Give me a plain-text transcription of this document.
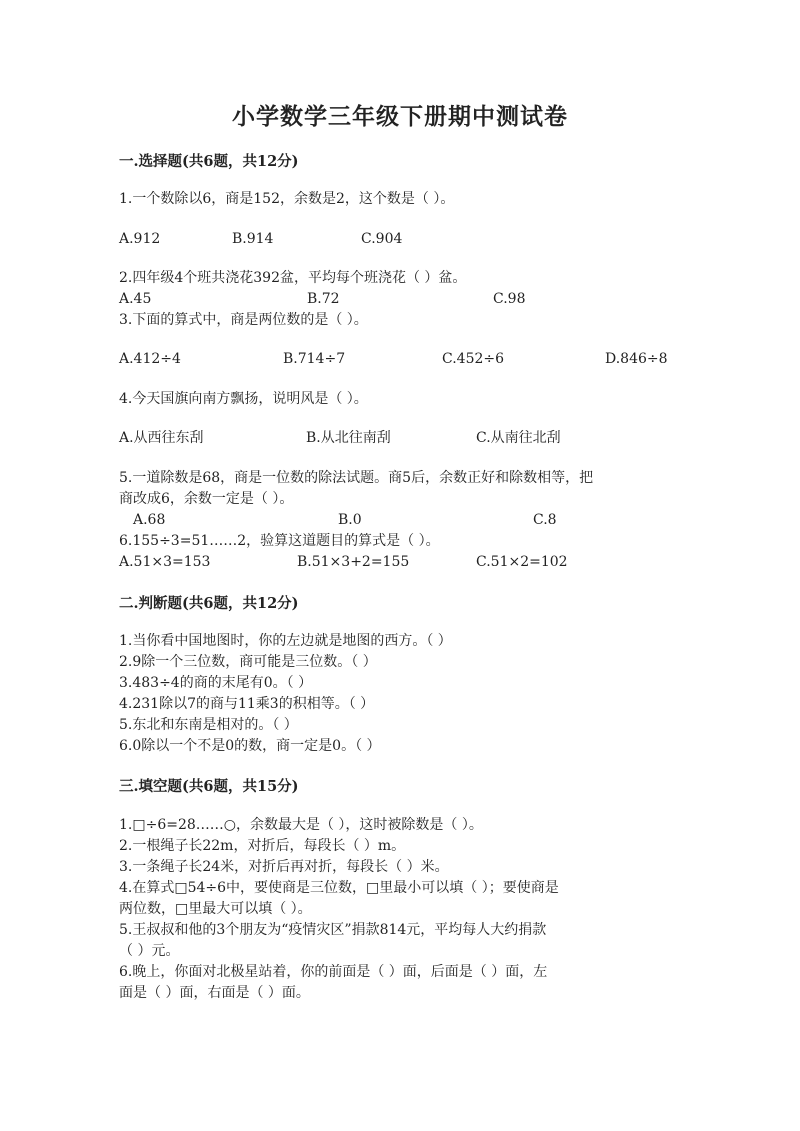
小学数学三年级下册期中测试卷
一.选择题(共6题，共12分)
1.一个数除以6，商是152，余数是2，这个数是（ ）。
A.912	B.914	C.904
2.四年级4个班共浇花392盆，平均每个班浇花（ ）盆。
A.45	B.72	C.98
3.下面的算式中，商是两位数的是（ ）。
A.412÷4	B.714÷7	C.452÷6	D.846÷8
4.今天国旗向南方飘扬，说明风是（ ）。
A.从西往东刮	B.从北往南刮	C.从南往北刮
5.一道除数是68，商是一位数的除法试题。商5后，余数正好和除数相等，把
商改成6，余数一定是（ ）。
A.68	B.0	C.8
6.155÷3=51……2，验算这道题目的算式是（ ）。
A.51×3=153	B.51×3+2=155	C.51×2=102
二.判断题(共6题，共12分)
1.当你看中国地图时，你的左边就是地图的西方。（ ）
2.9除一个三位数，商可能是三位数。（ ）
3.483÷4的商的末尾有0。（ ）
4.231除以7的商与11乘3的积相等。（ ）
5.东北和东南是相对的。（ ）
6.0除以一个不是0的数，商一定是0。（ ）
三.填空题(共6题，共15分)
1.□÷6=28……○，余数最大是（ ），这时被除数是（ ）。
2.一根绳子长22m，对折后，每段长（ ）m。
3.一条绳子长24米，对折后再对折，每段长（ ）米。
4.在算式□54÷6中，要使商是三位数，□里最小可以填（ ）；要使商是
两位数，□里最大可以填（ ）。
5.王叔叔和他的3个朋友为“疫情灾区”捐款814元，平均每人大约捐款
（ ）元。
6.晚上，你面对北极星站着，你的前面是（ ）面，后面是（ ）面，左
面是（ ）面，右面是（ ）面。
